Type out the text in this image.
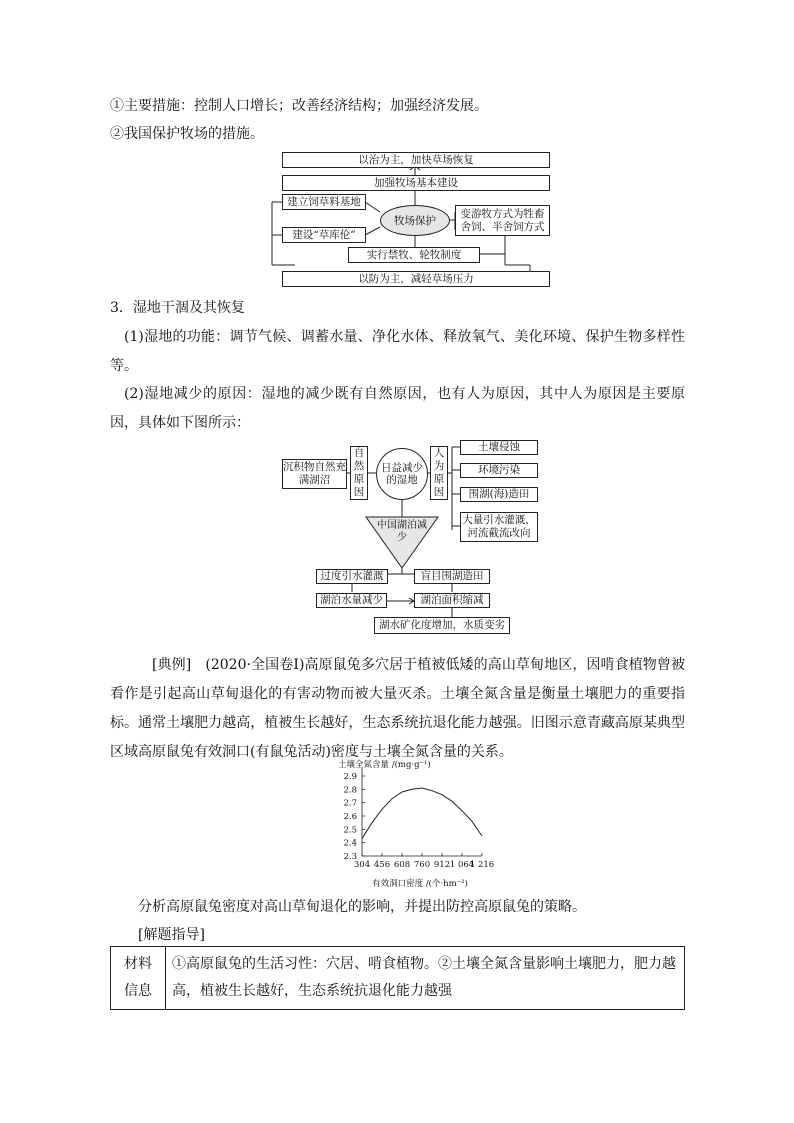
①主要措施：控制人口增长；改善经济结构；加强经济发展。
②我国保护牧场的措施。
以治为主，加快草场恢复
加强牧场基本建设
建立饲草料基地
建设“草库伦”
牧场保护
变游牧方式为牲畜舍饲、半舍饲方式
实行禁牧、轮牧制度
以防为主，减轻草场压力
3．湿地干涸及其恢复
(1)湿地的功能：调节气候、调蓄水量、净化水体、释放氧气、美化环境、保护生物多样性等。
(2)湿地减少的原因：湿地的减少既有自然原因，也有人为原因，其中人为原因是主要原因，具体如下图所示：
沉积物自然充满湖沼
自然原因
日益减少的湿地
人为原因
土壤侵蚀
环境污染
围湖(海)造田
大量引水灌溉，河流截流改向
中国湖泊减少
过度引水灌溉	盲目围湖造田
湖泊水量减少	湖泊面积缩减
湖水矿化度增加，水质变劣
[典例]　(2020·全国卷Ⅰ)高原鼠兔多穴居于植被低矮的高山草甸地区，因啃食植物曾被看作是引起高山草甸退化的有害动物而被大量灭杀。土壤全氮含量是衡量土壤肥力的重要指标。通常土壤肥力越高，植被生长越好，生态系统抗退化能力越强。旧图示意青藏高原某典型区域高原鼠兔有效洞口(有鼠兔活动)密度与土壤全氮含量的关系。
土壤全氮含量 /(mg·g⁻¹)
2.3
2.4
2.5
2.6
2.7
2.8
2.9
304 456 608 760 912 1 064
1 216
有效洞口密度 /(个·hm⁻²)
分析高原鼠兔密度对高山草甸退化的影响，并提出防控高原鼠兔的策略。
[解题指导]
材料
信息
	①高原鼠兔的生活习性：穴居、啃食植物。②土壤全氮含量影响土壤肥力，肥力越高，植被生长越好，生态系统抗退化能力越强
